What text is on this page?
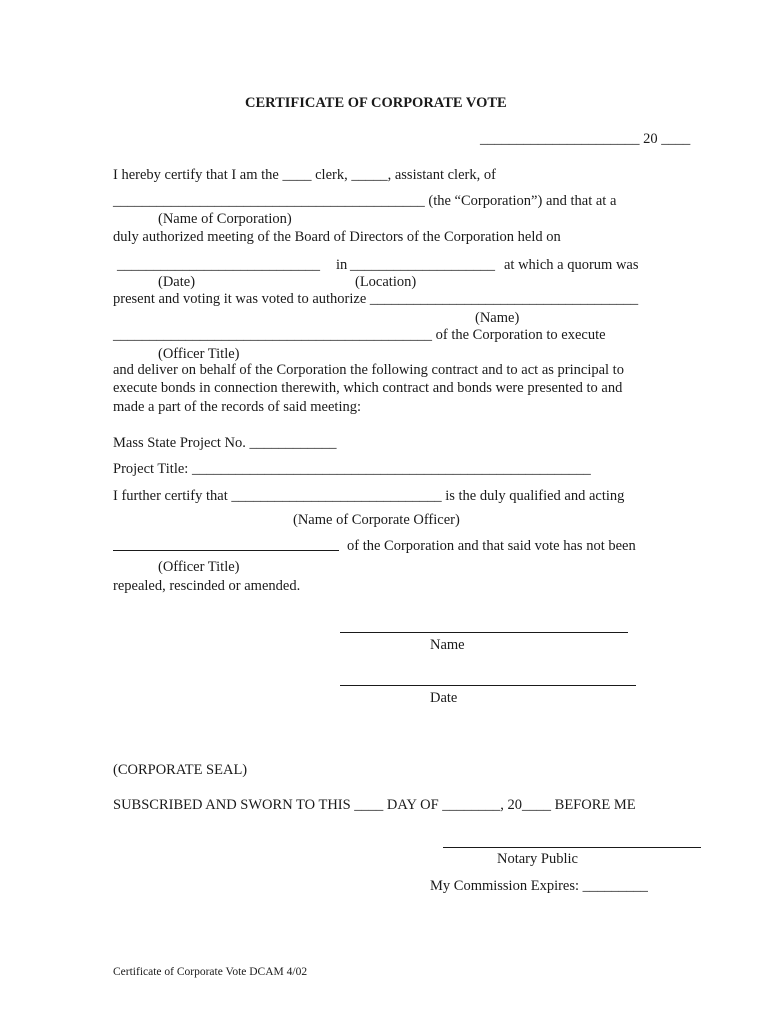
CERTIFICATE OF CORPORATE VOTE
______________________ 20 ____
I hereby certify that I am the ____ clerk, _____, assistant clerk, of
___________________________________________ (the “Corporation”) and that at a
(Name of Corporation)
duly authorized meeting of the Board of Directors of the Corporation held on
____________________________ in ____________________ at which a quorum was
(Date)	(Location)
present and voting it was voted to authorize _____________________________________
(Name)
____________________________________________ of the Corporation to execute
(Officer Title)
and deliver on behalf of the Corporation the following contract and to act as principal to
execute bonds in connection therewith, which contract and bonds were presented to and
made a part of the records of said meeting:
Mass State Project No. ____________
Project Title: _______________________________________________________
I further certify that _____________________________ is the duly qualified and acting
(Name of Corporate Officer)
of the Corporation and that said vote has not been
(Officer Title)
repealed, rescinded or amended.
Name
Date
(CORPORATE SEAL)
SUBSCRIBED AND SWORN TO THIS ____ DAY OF ________, 20____ BEFORE ME
Notary Public
My Commission Expires: _________
Certificate of Corporate Vote DCAM 4/02
